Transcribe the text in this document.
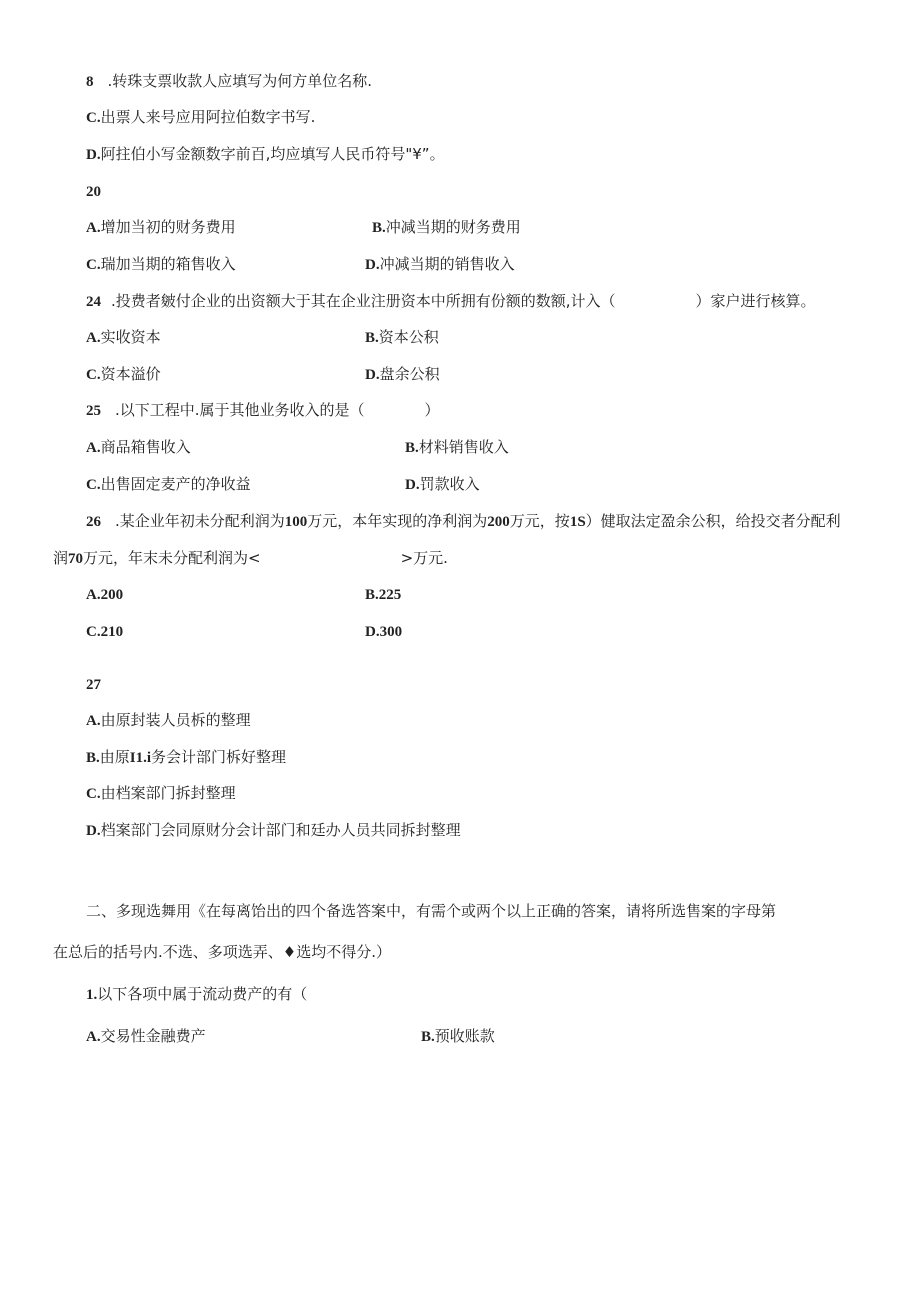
8 .转珠支票收款人应填写为何方单位名称.
C.出票人来号应用阿拉伯数字书写.
D.阿拄伯小写金额数字前百,均应填写人民币符号"¥”。
20
A.增加当初的财务费用	B.冲减当期的财务费用
C.瑞加当期的箱售收入	D.冲减当期的销售收入
24 .投费者皴付企业的出资额大于其在企业注册资本中所拥有份额的数额,计入（	）家户进行核算。
A.实收资本	B.资本公积
C.资本溢价	D.盘余公积
25 .以下工程中.属于其他业务收入的是（	）
A.商品箱售收入	B.材料销售收入
C.出售固定麦产的净收益	D.罚款收入
26 .某企业年初未分配利润为100万元，本年实现的净利润为200万元，按1S）健取法定盈余公积，给投交者分配利
润70万元，年末未分配利润为<	>万元.
A.200	B.225
C.210	D.300
27
A.由原封装人员柝的整理
B.由原I1.i务会计部门柝好整理
C.由档案部门拆封整理
D.档案部门会同原财分会计部门和廷办人员共同拆封整理
二、多现选舞用《在每离饴出的四个备选答案中，有需个或两个以上正确的答案，请将所选售案的字母第
在总后的括号内.不选、多项选弄、♦选均不得分.）
1.以下各项中属于流动费产的有（
A.交易性金融费产	B.预收账款
